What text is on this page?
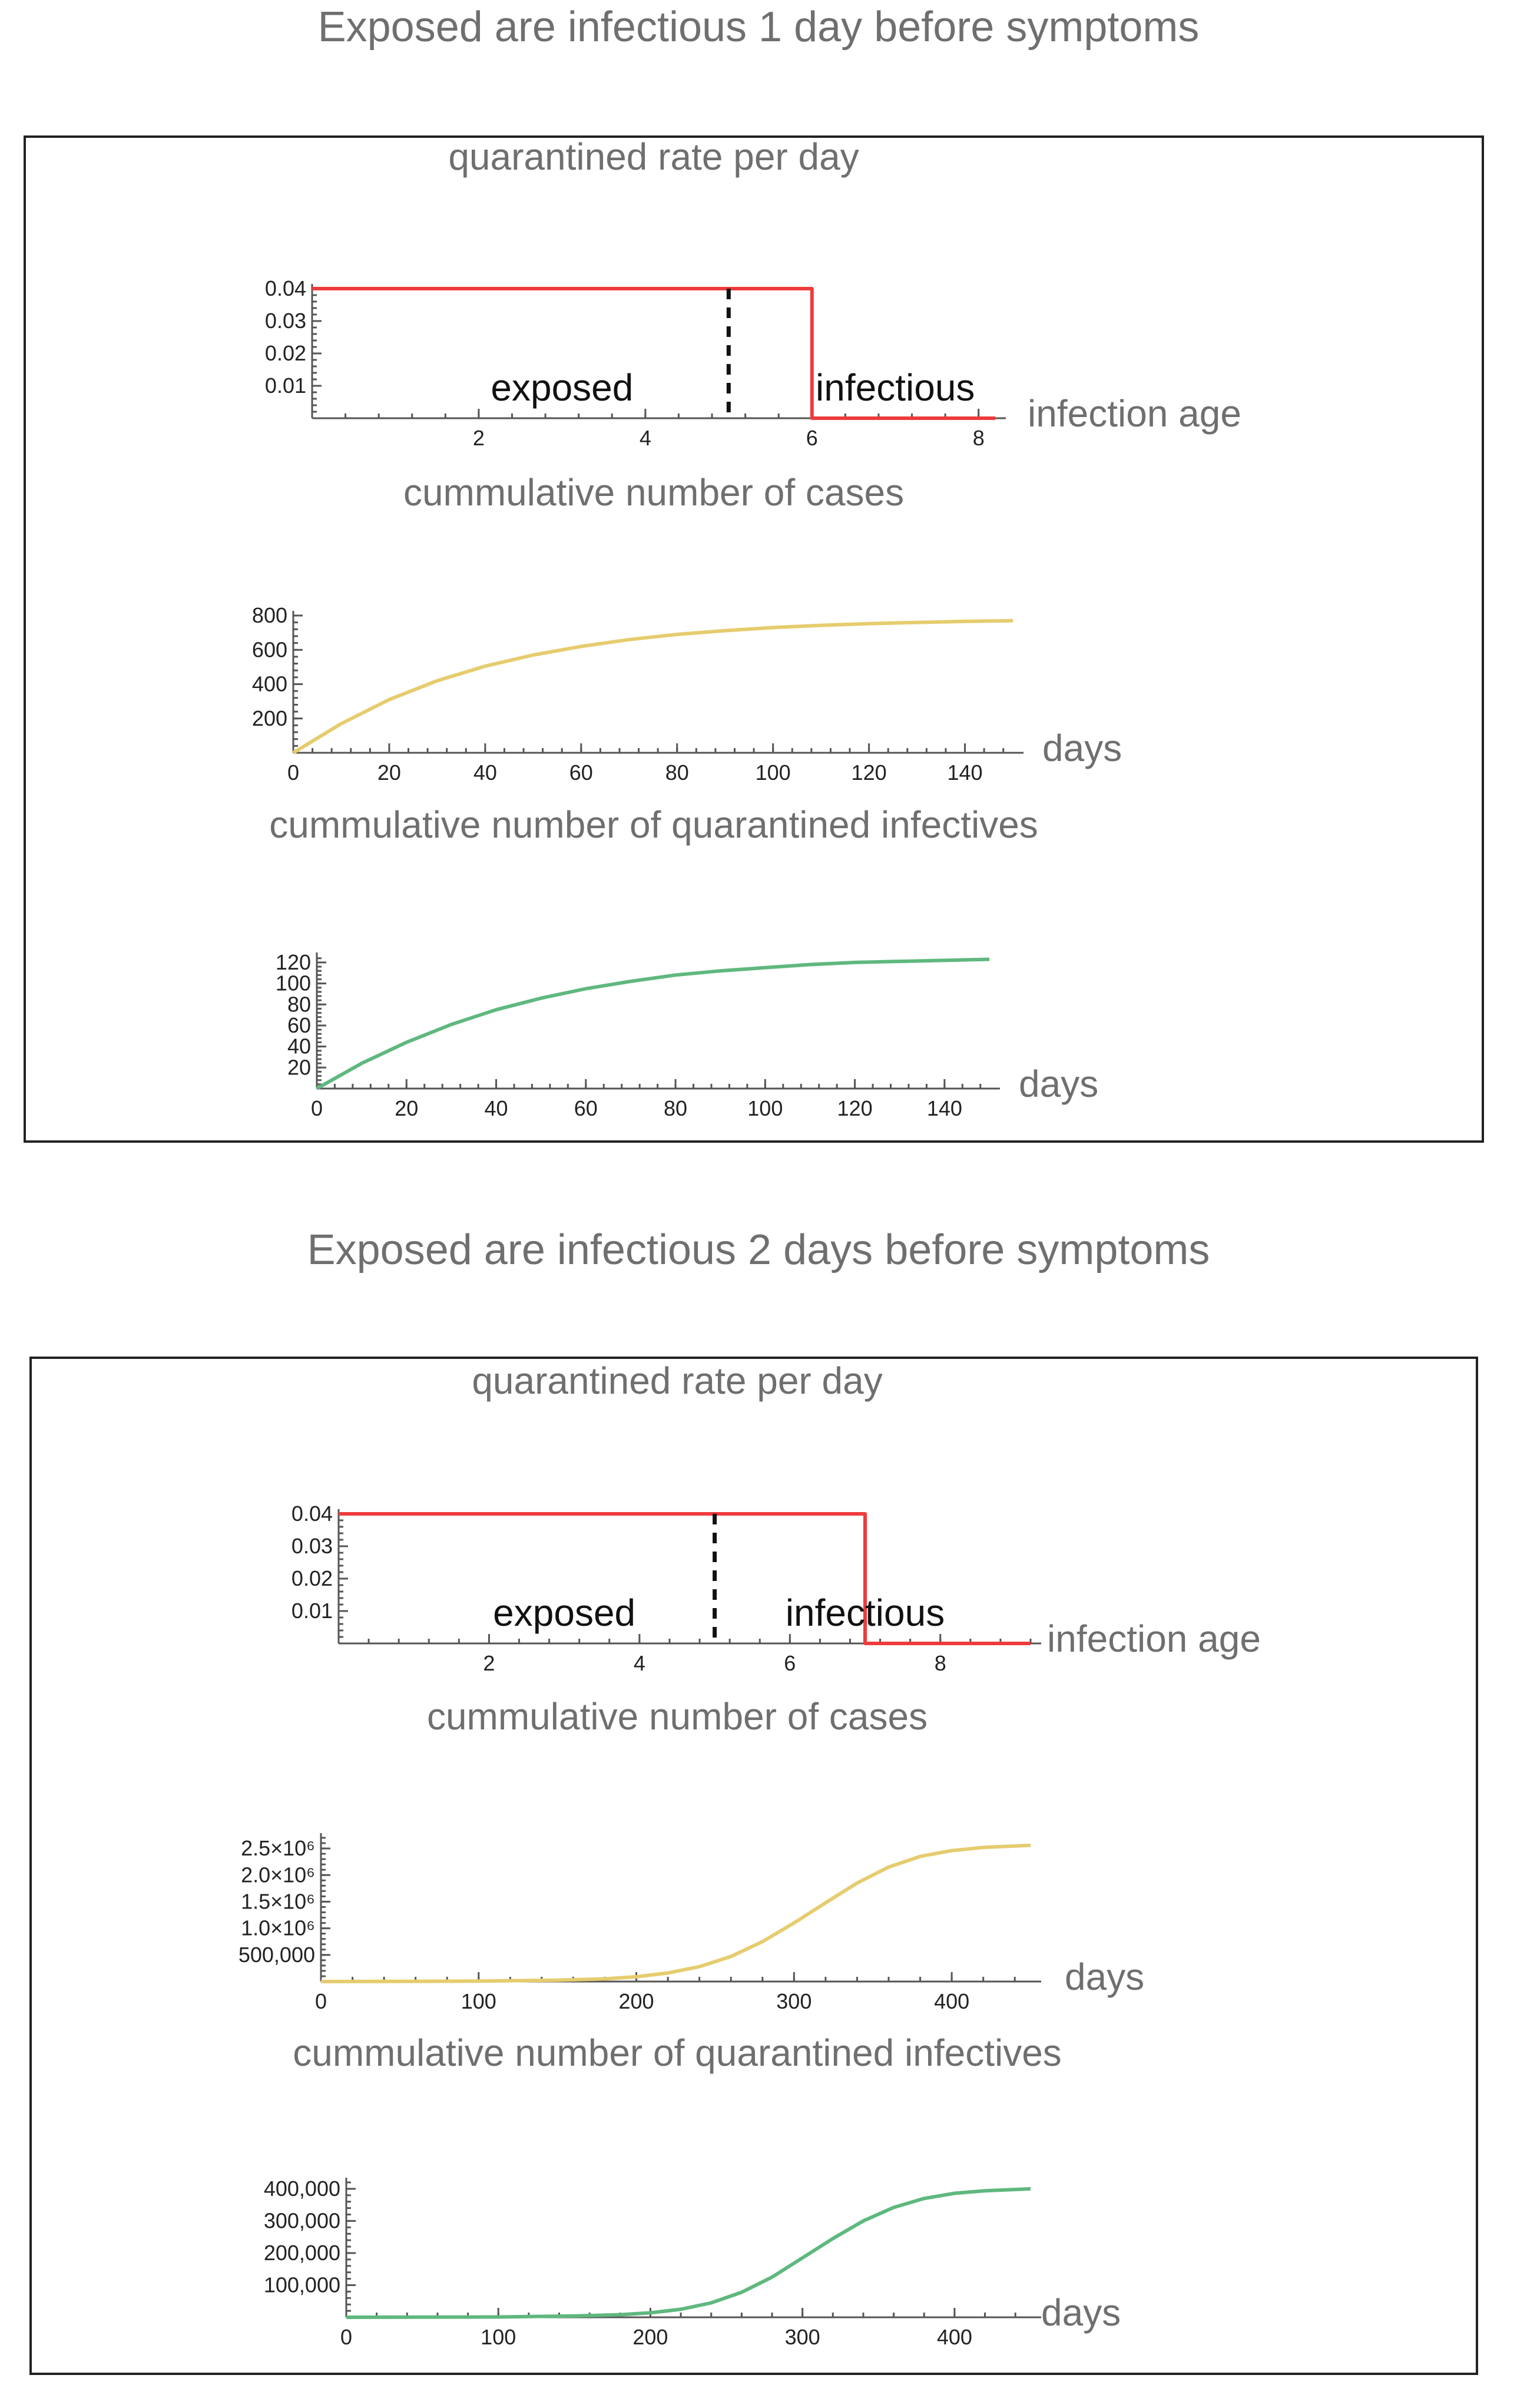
Exposed are infectious 1 day before symptoms
quarantined rate per day
2	4	6	8
0.01
0.02
0.03
0.04
infection age
exposed	infectious
cummulative number of cases
0	20	40	60	80	100	120	140
200
400
600
800
days
cummulative number of quarantined infectives
0	20	40	60	80	100	120	140
20
40
60
80
100
120
days
Exposed are infectious 2 days before symptoms
quarantined rate per day
2	4	6	8
0.01
0.02
0.03
0.04
infection age
exposed	infectious
cummulative number of cases
0	100	200	300	400
500,000
1.0×10⁶
1.5×10⁶
2.0×10⁶
2.5×10⁶
days
cummulative number of quarantined infectives
0	100	200	300	400
100,000
200,000
300,000
400,000
days
